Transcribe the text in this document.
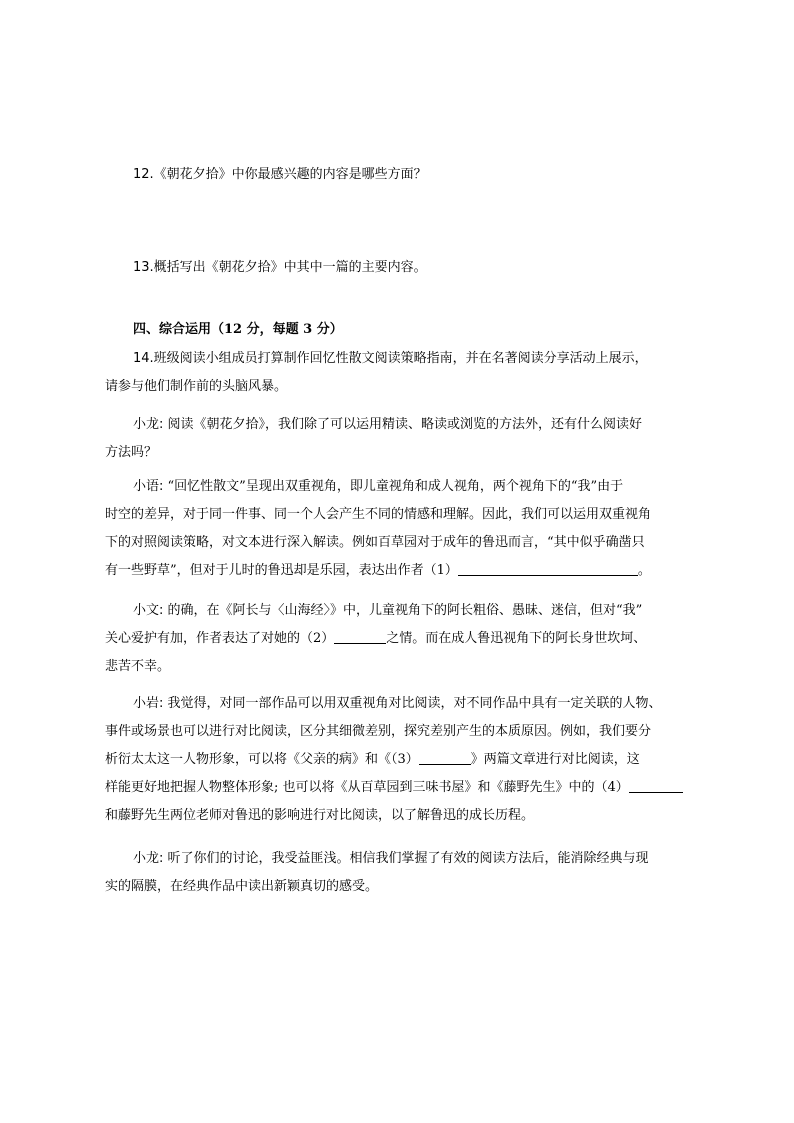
12.《朝花夕拾》中你最感兴趣的内容是哪些方面？
13.概括写出《朝花夕拾》中其中一篇的主要内容。
四、综合运用（12 分，每题 3 分）
14.班级阅读小组成员打算制作回忆性散文阅读策略指南，并在名著阅读分享活动上展示，
请参与他们制作前的头脑风暴。
小龙: 阅读《朝花夕拾》，我们除了可以运用精读、略读或浏览的方法外，还有什么阅读好
方法吗？
小语: “回忆性散文”呈现出双重视角，即儿童视角和成人视角，两个视角下的“我”由于
时空的差异，对于同一件事、同一个人会产生不同的情感和理解。因此，我们可以运用双重视角
下的对照阅读策略，对文本进行深入解读。例如百草园对于成年的鲁迅而言，“其中似乎确凿只
有一些野草”，但对于儿时的鲁迅却是乐园，表达出作者（1）	。
小文: 的确，在《阿长与〈山海经〉》中，儿童视角下的阿长粗俗、愚昧、迷信，但对“我”
关心爱护有加，作者表达了对她的（2）	之情。而在成人鲁迅视角下的阿长身世坎坷、
悲苦不幸。
小岩: 我觉得，对同一部作品可以用双重视角对比阅读，对不同作品中具有一定关联的人物、
事件或场景也可以进行对比阅读，区分其细微差别，探究差别产生的本质原因。例如，我们要分
析衍太太这一人物形象，可以将《父亲的病》和《（3）	》两篇文章进行对比阅读，这
样能更好地把握人物整体形象; 也可以将《从百草园到三味书屋》和《藤野先生》中的（4）
和藤野先生两位老师对鲁迅的影响进行对比阅读，以了解鲁迅的成长历程。
小龙: 听了你们的讨论，我受益匪浅。相信我们掌握了有效的阅读方法后，能消除经典与现
实的隔膜，在经典作品中读出新颖真切的感受。
